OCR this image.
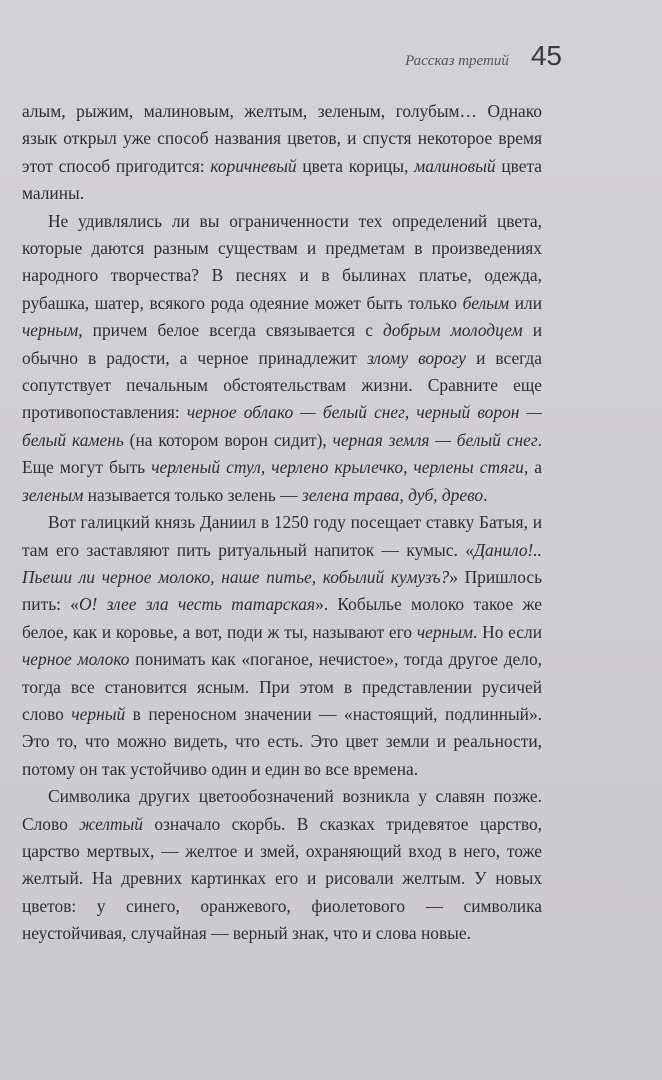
Рассказ третий 45

алым, рыжим, малиновым, желтым, зеленым, голубым… Однако язык открыл уже способ названия цветов, и спустя некоторое время этот способ пригодится: коричневый цвета корицы, малиновый цвета малины.

Не удивлялись ли вы ограниченности тех определений цвета, которые даются разным существам и предметам в произведениях народного творчества? В песнях и в былинах платье, одежда, рубашка, шатер, всякого рода одеяние может быть только белым или черным, причем белое всегда связывается с добрым молодцем и обычно в радости, а черное принадлежит злому ворогу и всегда сопутствует печальным обстоятельствам жизни. Сравните еще противопоставления: черное облако — белый снег, черный ворон — белый камень (на котором ворон сидит), черная земля — белый снег. Еще могут быть черленый стул, черлено крылечко, черлены стяги, а зеленым называется только зелень — зелена трава, дуб, древо.

Вот галицкий князь Даниил в 1250 году посещает ставку Батыя, и там его заставляют пить ритуальный напиток — кумыс. «Данило!.. Пьеши ли черное молоко, наше питье, кобылий кумузъ?» Пришлось пить: «О! злее зла честь татарская». Кобылье молоко такое же белое, как и коровье, а вот, поди ж ты, называют его черным. Но если черное молоко понимать как «поганое, нечистое», тогда другое дело, тогда все становится ясным. При этом в представлении русичей слово черный в переносном значении — «настоящий, подлинный». Это то, что можно видеть, что есть. Это цвет земли и реальности, потому он так устойчиво один и един во все времена.

Символика других цветообозначений возникла у славян позже. Слово желтый означало скорбь. В сказках тридевятое царство, царство мертвых, — желтое и змей, охраняющий вход в него, тоже желтый. На древних картинках его и рисовали желтым. У новых цветов: у синего, оранжевого, фиолетового — символика неустойчивая, случайная — верный знак, что и слова новые.
